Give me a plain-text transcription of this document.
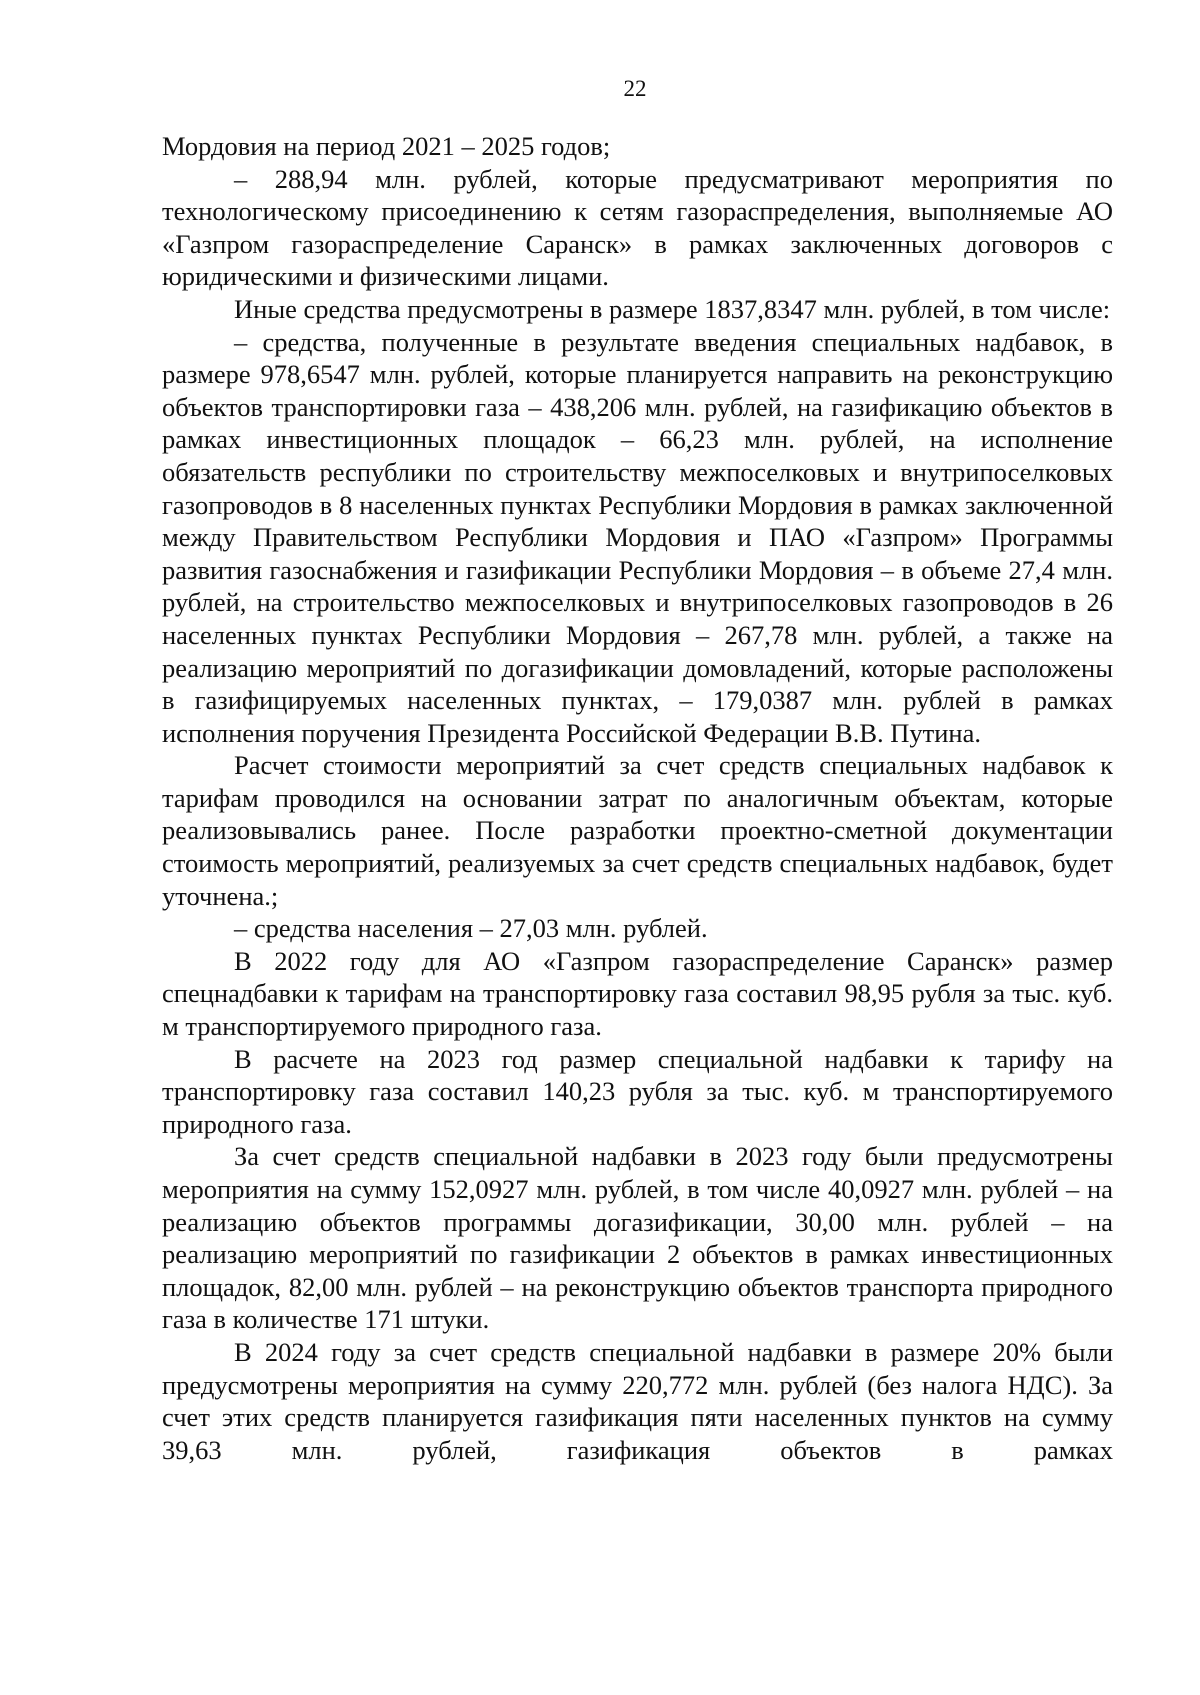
22

Мордовия на период 2021 – 2025 годов;

– 288,94 млн. рублей, которые предусматривают мероприятия по технологическому присоединению к сетям газораспределения, выполняемые АО «Газпром газораспределение Саранск» в рамках заключенных договоров с юридическими и физическими лицами.

Иные средства предусмотрены в размере 1837,8347 млн. рублей, в том числе:

– средства, полученные в результате введения специальных надбавок, в размере 978,6547 млн. рублей, которые планируется направить на реконструкцию объектов транспортировки газа – 438,206 млн. рублей, на газификацию объектов в рамках инвестиционных площадок – 66,23 млн. рублей, на исполнение обязательств республики по строительству межпоселковых и внутрипоселковых газопроводов в 8 населенных пунктах Республики Мордовия в рамках заключенной между Правительством Республики Мордовия и ПАО «Газпром» Программы развития газоснабжения и газификации Республики Мордовия – в объеме 27,4 млн. рублей, на строительство межпоселковых и внутрипоселковых газопроводов в 26 населенных пунктах Республики Мордовия – 267,78 млн. рублей, а также на реализацию мероприятий по догазификации домовладений, которые расположены в газифицируемых населенных пунктах, – 179,0387 млн. рублей в рамках исполнения поручения Президента Российской Федерации В.В. Путина.

Расчет стоимости мероприятий за счет средств специальных надбавок к тарифам проводился на основании затрат по аналогичным объектам, которые реализовывались ранее. После разработки проектно-сметной документации стоимость мероприятий, реализуемых за счет средств специальных надбавок, будет уточнена.;

– средства населения – 27,03 млн. рублей.

В 2022 году для АО «Газпром газораспределение Саранск» размер спецнадбавки к тарифам на транспортировку газа составил 98,95 рубля за тыс. куб. м транспортируемого природного газа.

В расчете на 2023 год размер специальной надбавки к тарифу на транспортировку газа составил 140,23 рубля за тыс. куб. м транспортируемого природного газа.

За счет средств специальной надбавки в 2023 году были предусмотрены мероприятия на сумму 152,0927 млн. рублей, в том числе 40,0927 млн. рублей – на реализацию объектов программы догазификации, 30,00 млн. рублей – на реализацию мероприятий по газификации 2 объектов в рамках инвестиционных площадок, 82,00 млн. рублей – на реконструкцию объектов транспорта природного газа в количестве 171 штуки.

В 2024 году за счет средств специальной надбавки в размере 20% были предусмотрены мероприятия на сумму 220,772 млн. рублей (без налога НДС). За счет этих средств планируется газификация пяти населенных пунктов на сумму 39,63 млн. рублей, газификация объектов в рамках
